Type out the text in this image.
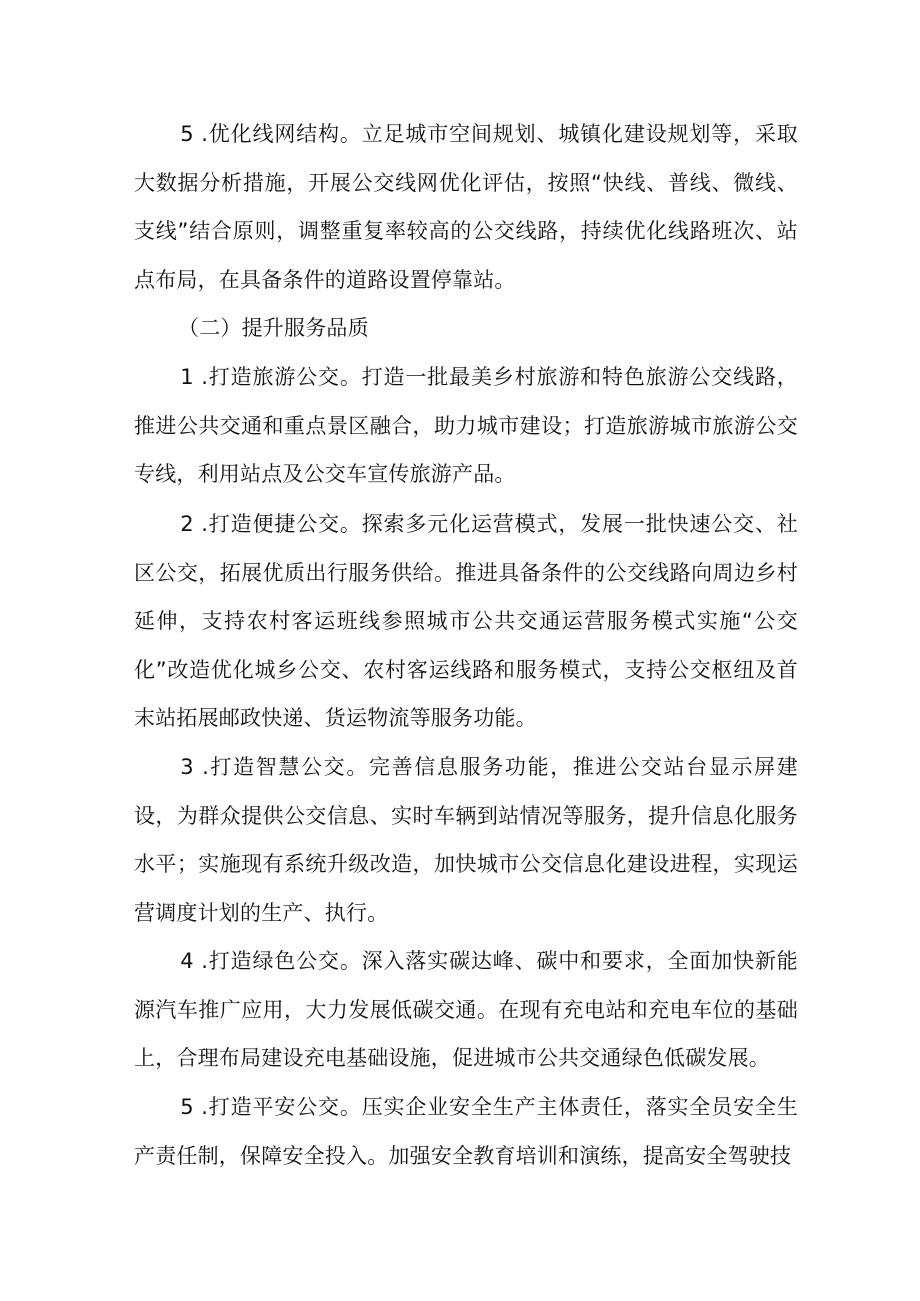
5 .优化线网结构。立足城市空间规划、城镇化建设规划等，采取大数据分析措施，开展公交线网优化评估，按照“快线、普线、微线、支线”结合原则，调整重复率较高的公交线路，持续优化线路班次、站点布局，在具备条件的道路设置停靠站。

（二）提升服务品质

1 .打造旅游公交。打造一批最美乡村旅游和特色旅游公交线路，推进公共交通和重点景区融合，助力城市建设；打造旅游城市旅游公交专线，利用站点及公交车宣传旅游产品。

2 .打造便捷公交。探索多元化运营模式，发展一批快速公交、社区公交，拓展优质出行服务供给。推进具备条件的公交线路向周边乡村延伸，支持农村客运班线参照城市公共交通运营服务模式实施“公交化”改造优化城乡公交、农村客运线路和服务模式，支持公交枢纽及首末站拓展邮政快递、货运物流等服务功能。

3 .打造智慧公交。完善信息服务功能，推进公交站台显示屏建设，为群众提供公交信息、实时车辆到站情况等服务，提升信息化服务水平；实施现有系统升级改造，加快城市公交信息化建设进程，实现运营调度计划的生产、执行。

4 .打造绿色公交。深入落实碳达峰、碳中和要求，全面加快新能源汽车推广应用，大力发展低碳交通。在现有充电站和充电车位的基础上，合理布局建设充电基础设施，促进城市公共交通绿色低碳发展。

5 .打造平安公交。压实企业安全生产主体责任，落实全员安全生产责任制，保障安全投入。加强安全教育培训和演练，提高安全驾驶技
